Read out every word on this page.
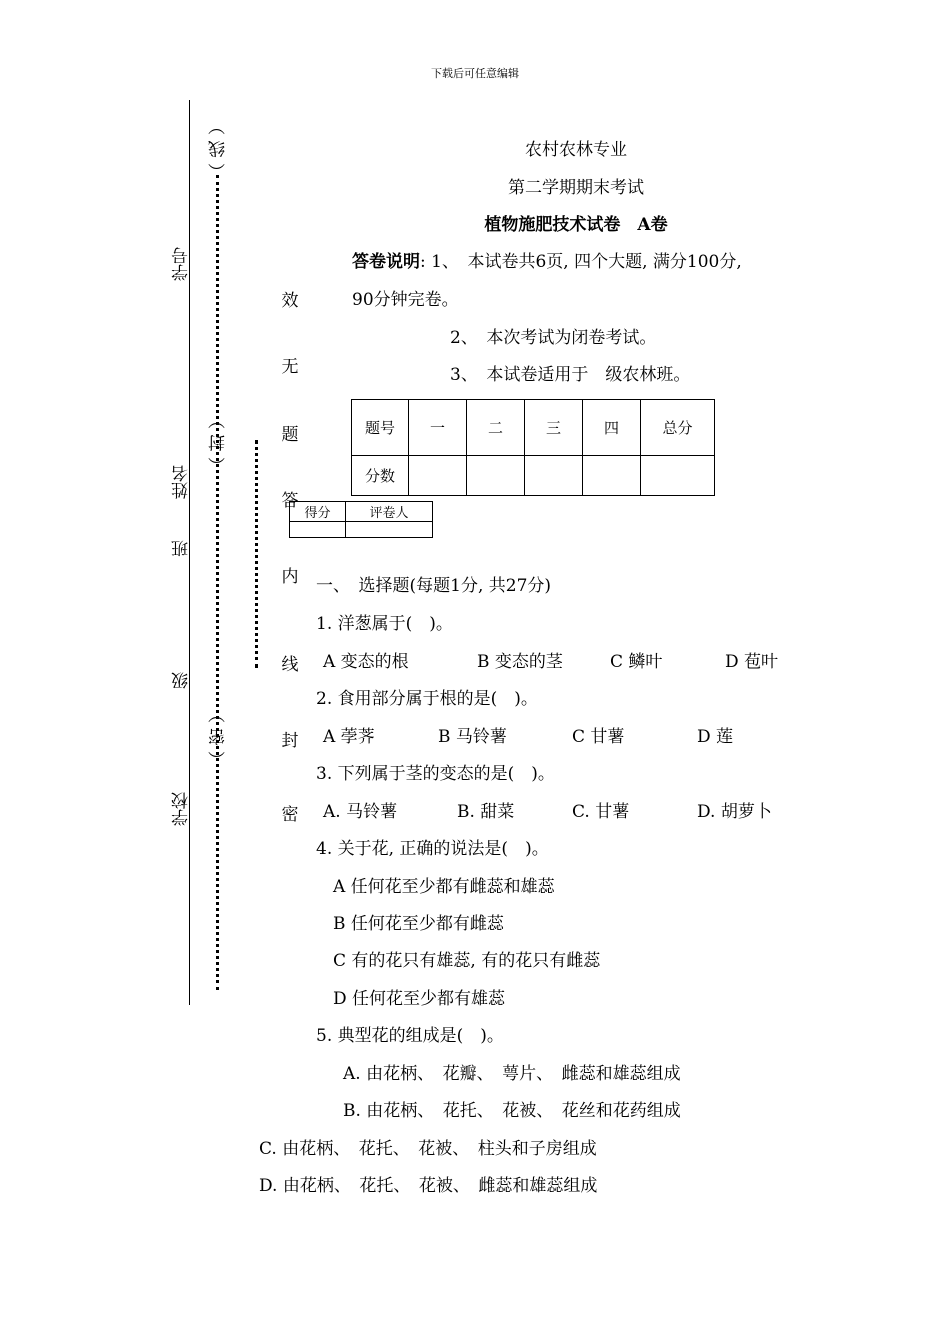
下载后可任意编辑
学号
姓名
班
级
学校
（ 线 ）
（ 封 ）
（ 密 ）
效
无
题
答
内
线
封
密
农村农林专业
第二学期期末考试
植物施肥技术试卷　A卷
答卷说明: 1、　本试卷共6页, 四个大题, 满分100分,
90分钟完卷。
2、　本次考试为闭卷考试。
3、　本试卷适用于　级农林班。
题号	一	二	三	四	总分
分数					
得分	评卷人

一、　选择题(每题1分, 共27分)
1. 洋葱属于(　)。
A 变态的根	B 变态的茎	C 鳞叶	D 苞叶
2. 食用部分属于根的是(　)。
A 荸荠	B 马铃薯	C 甘薯	D 莲
3. 下列属于茎的变态的是(　)。
A. 马铃薯	B. 甜菜	C. 甘薯	D. 胡萝卜
4. 关于花, 正确的说法是(　)。
A 任何花至少都有雌蕊和雄蕊
B 任何花至少都有雌蕊
C 有的花只有雄蕊, 有的花只有雌蕊
D 任何花至少都有雄蕊
5. 典型花的组成是(　)。
A. 由花柄、　花瓣、　萼片、　雌蕊和雄蕊组成
B. 由花柄、　花托、　花被、　花丝和花药组成
C. 由花柄、　花托、　花被、　柱头和子房组成
D. 由花柄、　花托、　花被、　雌蕊和雄蕊组成
